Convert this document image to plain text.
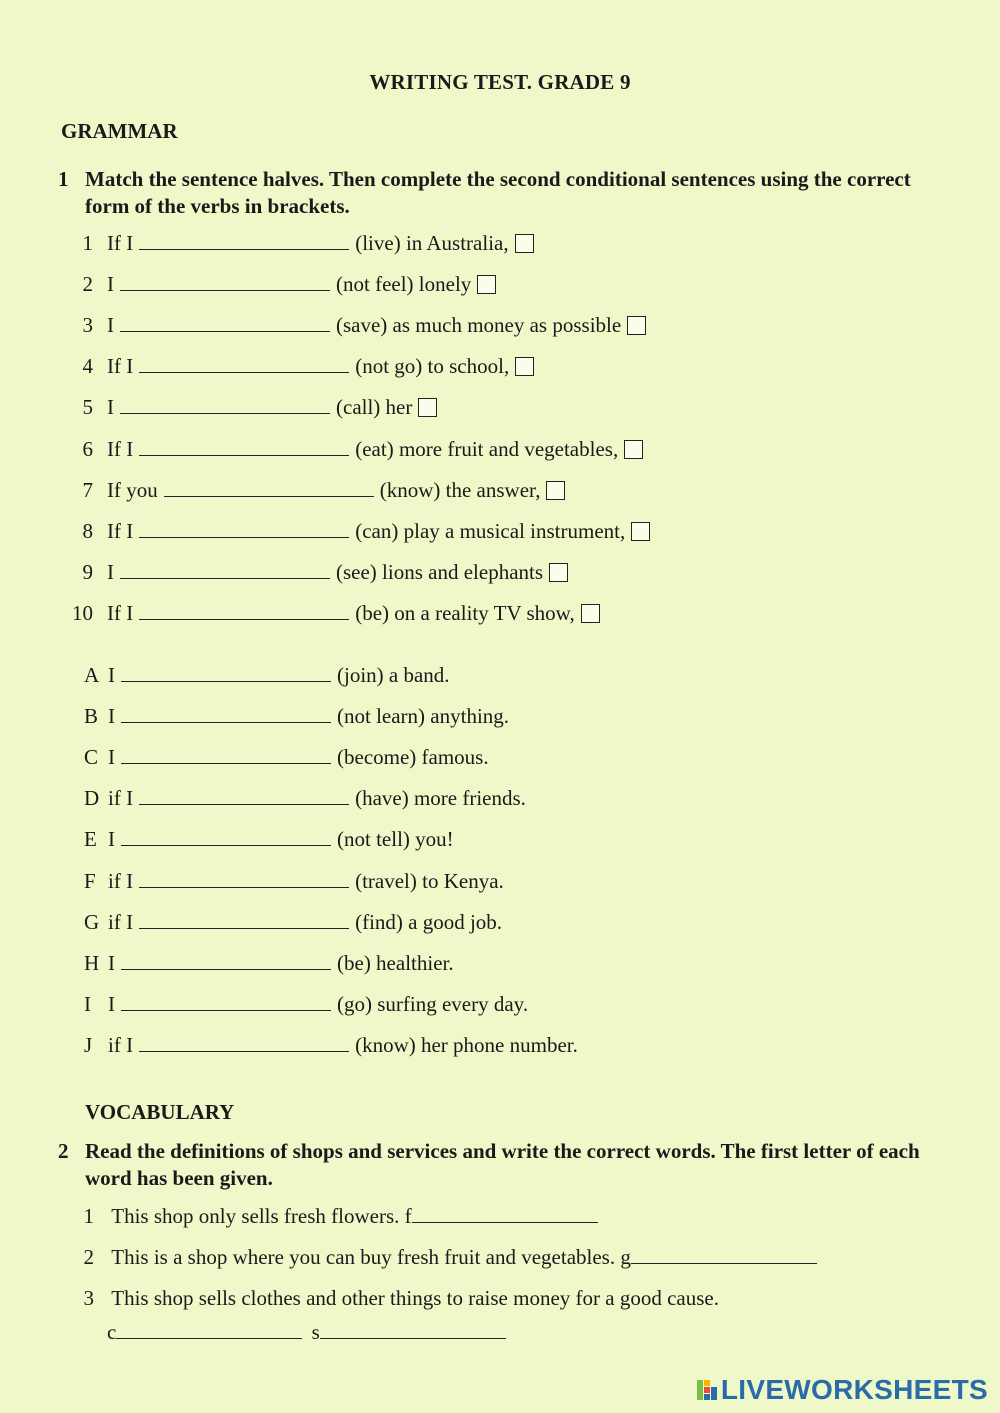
WRITING TEST. GRADE 9
GRAMMAR
1 Match the sentence halves. Then complete the second conditional sentences using the correct form of the verbs in brackets.
1 If I	(live) in Australia,
2 I	(not feel) lonely
3 I	(save) as much money as possible
4 If I	(not go) to school,
5 I	(call) her
6 If I	(eat) more fruit and vegetables,
7 If you	(know) the answer,
8 If I	(can) play a musical instrument,
9 I	(see) lions and elephants
10 If I	(be) on a reality TV show,
A I	(join) a band.
B I	(not learn) anything.
C I	(become) famous.
D if I	(have) more friends.
E I	(not tell) you!
F if I	(travel) to Kenya.
G if I	(find) a good job.
H I	(be) healthier.
I I	(go) surfing every day.
J if I	(know) her phone number.
VOCABULARY
2 Read the definitions of shops and services and write the correct words. The first letter of each word has been given.
1 This shop only sells fresh flowers. f
2 This is a shop where you can buy fresh fruit and vegetables. g
3 This shop sells clothes and other things to raise money for a good cause.
c	s
LIVEWORKSHEETS
